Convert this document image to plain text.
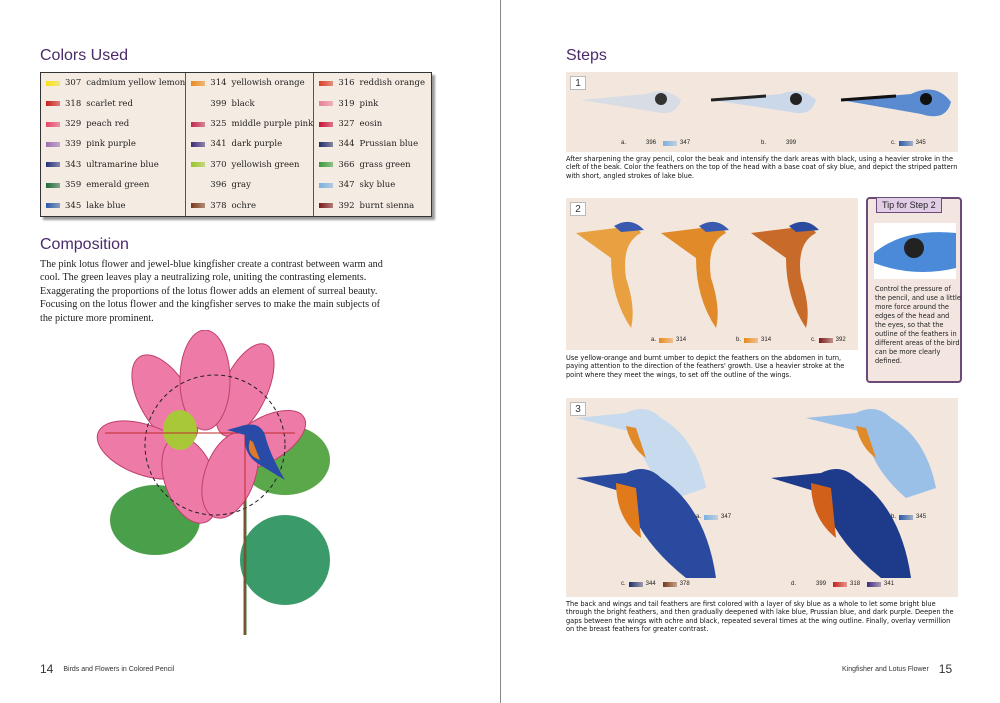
Colors Used
307 cadmium yellow lemon
318 scarlet red
329 peach red
339 pink purple
343 ultramarine blue
359 emerald green
345 lake blue
314 yellowish orange
399 black
325 middle purple pink
341 dark purple
370 yellowish green
396 gray
378 ochre
316 reddish orange
319 pink
327 eosin
344 Prussian blue
366 grass green
347 sky blue
392 burnt sienna
Composition

The pink lotus flower and jewel-blue kingfisher create a contrast between warm and cool. The green leaves play a neutralizing role, uniting the contrasting elements. Exaggerating the proportions of the lotus flower adds an element of surreal beauty. Focusing on the lotus flower and the kingfisher serves to make the main subjects of the picture more prominent.

14 Birds and Flowers in Colored Pencil
Steps
1
a.	396	347	b.	399	c.	345

After sharpening the gray pencil, color the beak and intensify the dark areas with black, using a heavier stroke in the cleft of the beak. Color the feathers on the top of the head with a base coat of sky blue, and depict the striped pattern with short, angled strokes of lake blue.

2
a.	314	b.	314	c.	392

Use yellow-orange and burnt umber to depict the feathers on the abdomen in turn, paying attention to the direction of the feathers' growth. Use a heavier stroke at the point where they meet the wings, to set off the outline of the wings.

Tip for Step 2

Control the pressure of the pencil, and use a little more force around the edges of the head and the eyes, so that the outline of the feathers in different areas of the bird can be more clearly defined.

3
a.	347	b.	345
c.	344	378	d.	399	318	341

The back and wings and tail feathers are first colored with a layer of sky blue as a whole to let some bright blue through the bright feathers, and then gradually deepened with lake blue, Prussian blue, and dark purple. Deepen the gaps between the wings with ochre and black, repeated several times at the wing outline. Finally, overlay vermillion on the breast feathers for greater contrast.

Kingfisher and Lotus Flower 15
